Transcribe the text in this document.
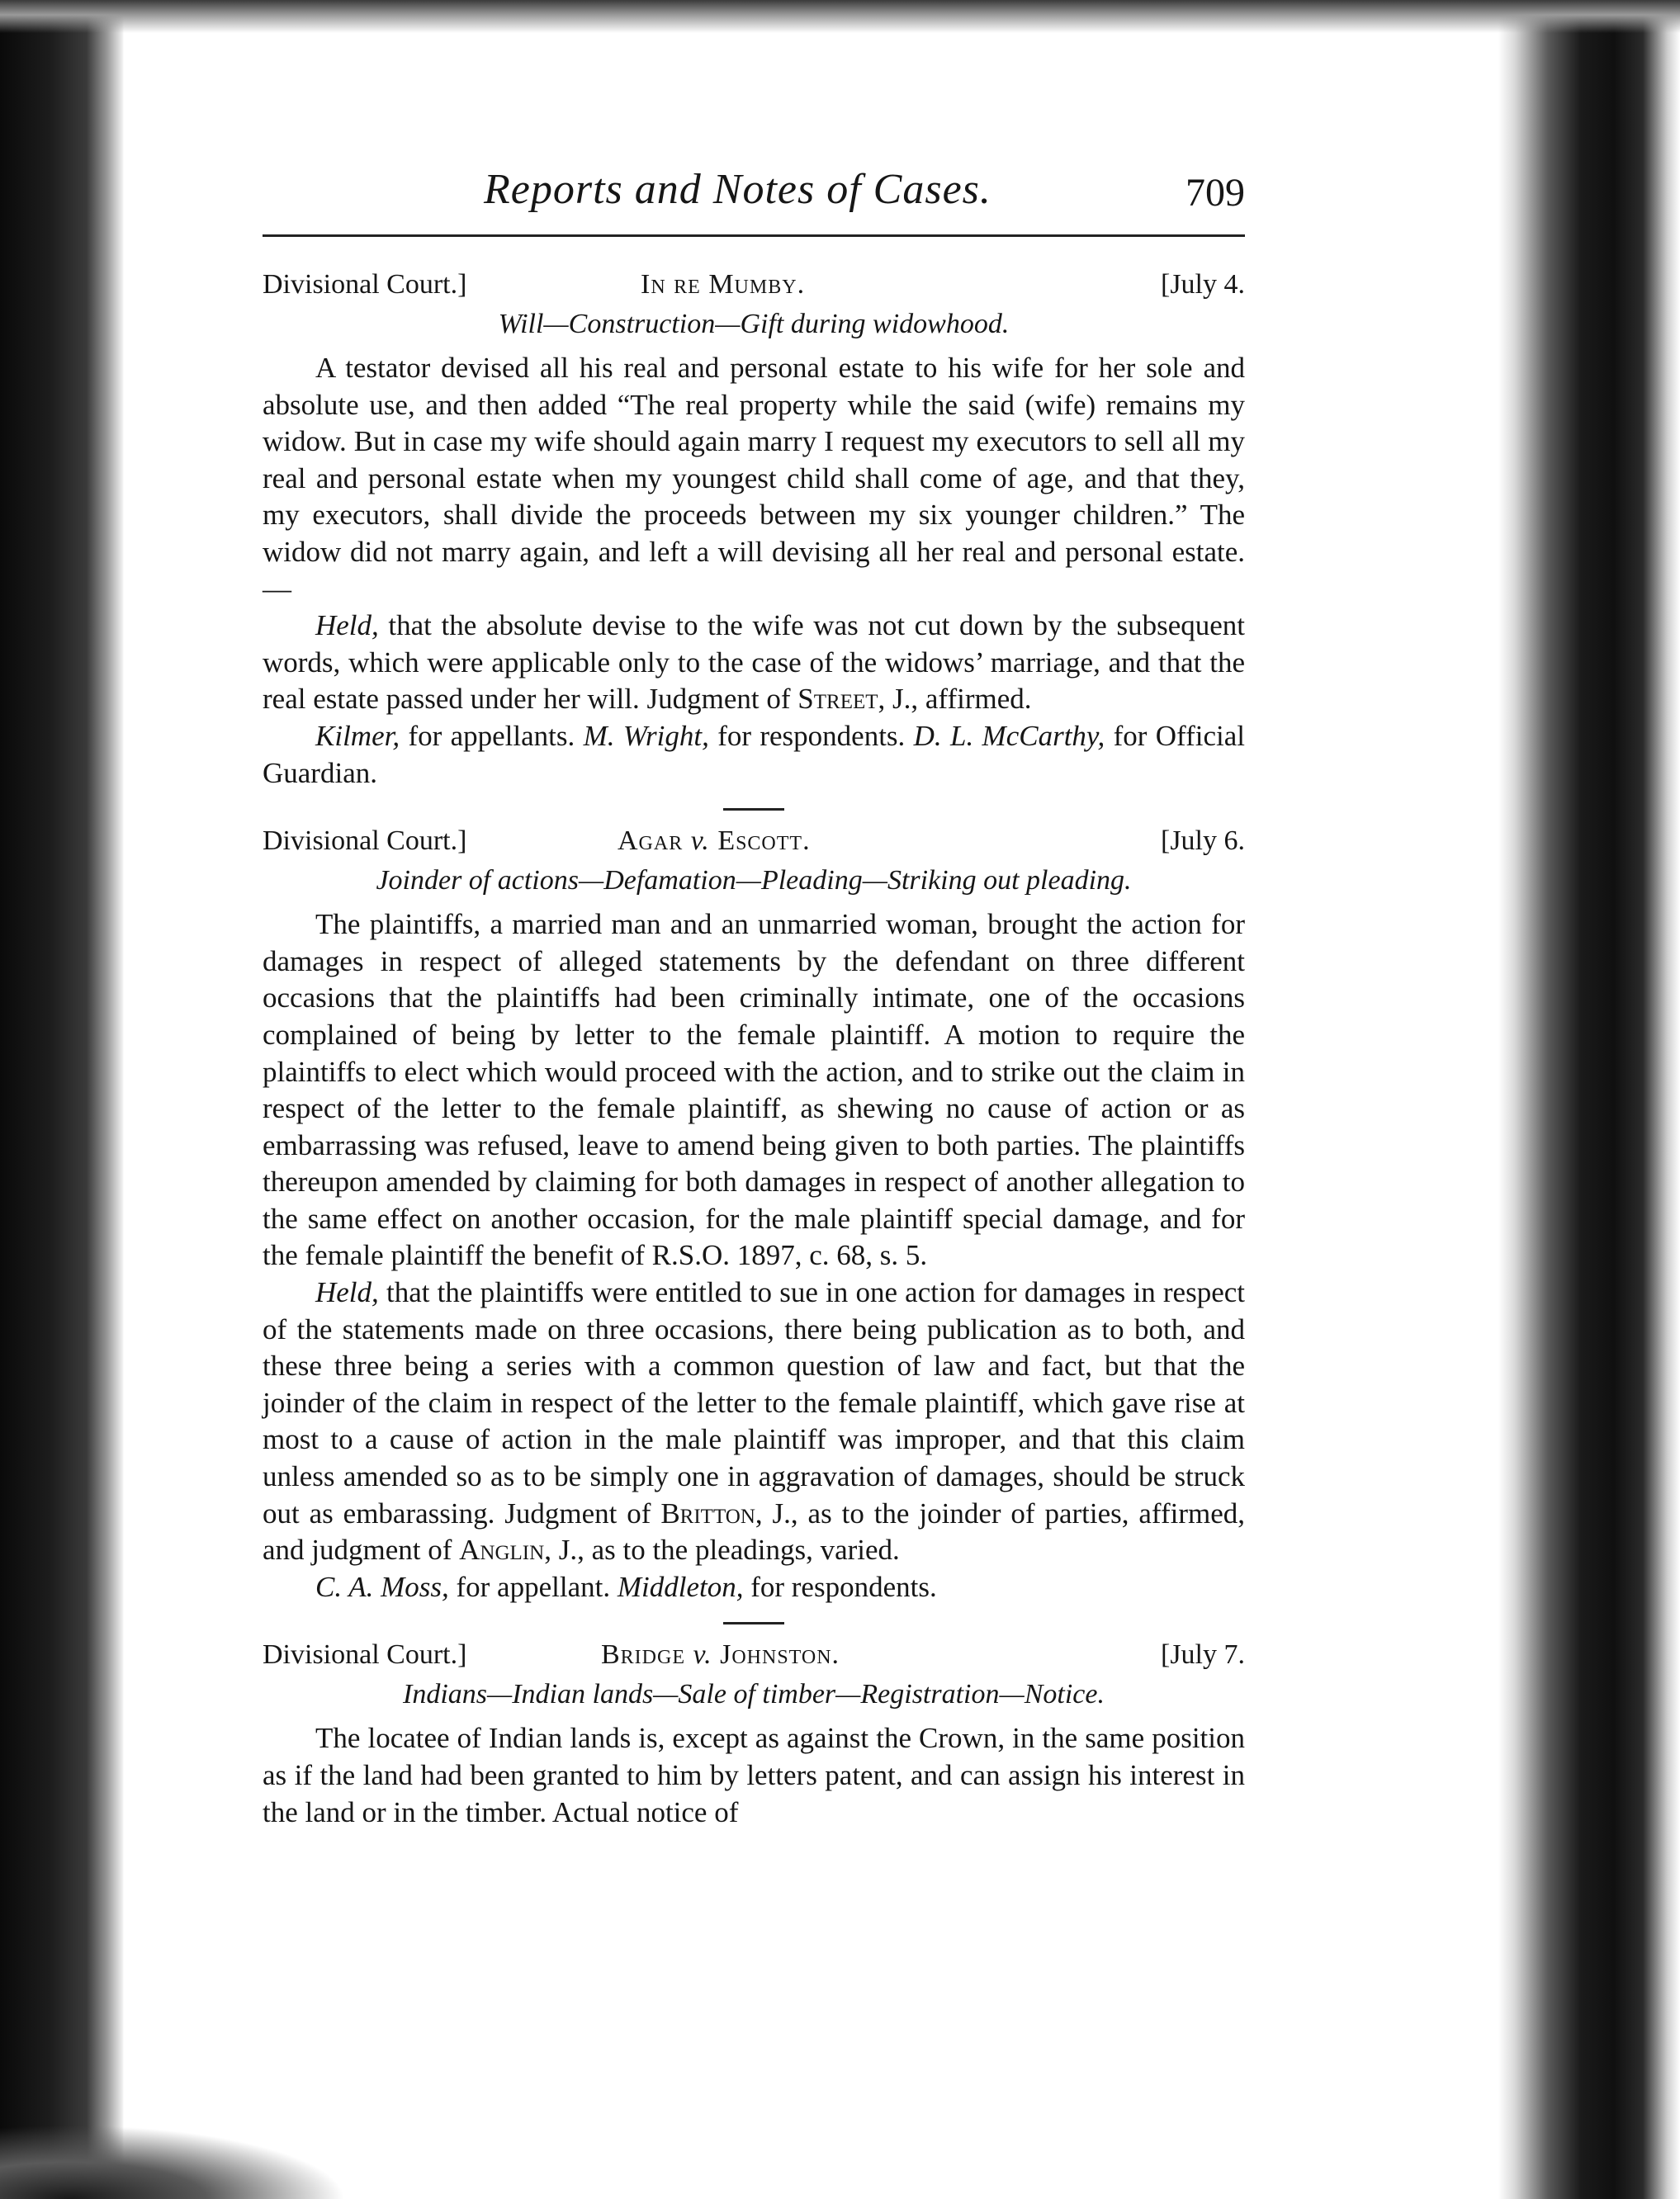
Reports and Notes of Cases.	709
Divisional Court.]	In re Mumby.	[July 4.
Will—Construction—Gift during widowhood.

A testator devised all his real and personal estate to his wife for her sole and absolute use, and then added “The real property while the said (wife) remains my widow. But in case my wife should again marry I request my executors to sell all my real and personal estate when my youngest child shall come of age, and that they, my executors, shall divide the proceeds between my six younger children.” The widow did not marry again, and left a will devising all her real and personal estate.—

Held, that the absolute devise to the wife was not cut down by the subsequent words, which were applicable only to the case of the widows’ marriage, and that the real estate passed under her will. Judgment of Street, J., affirmed.

Kilmer, for appellants. M. Wright, for respondents. D. L. McCarthy, for Official Guardian.

Divisional Court.]	Agar v. Escott.	[July 6.
Joinder of actions—Defamation—Pleading—Striking out pleading.

The plaintiffs, a married man and an unmarried woman, brought the action for damages in respect of alleged statements by the defendant on three different occasions that the plaintiffs had been criminally intimate, one of the occasions complained of being by letter to the female plaintiff. A motion to require the plaintiffs to elect which would proceed with the action, and to strike out the claim in respect of the letter to the female plaintiff, as shewing no cause of action or as embarrassing was refused, leave to amend being given to both parties. The plaintiffs thereupon amended by claiming for both damages in respect of another allegation to the same effect on another occasion, for the male plaintiff special damage, and for the female plaintiff the benefit of R.S.O. 1897, c. 68, s. 5.

Held, that the plaintiffs were entitled to sue in one action for damages in respect of the statements made on three occasions, there being publication as to both, and these three being a series with a common question of law and fact, but that the joinder of the claim in respect of the letter to the female plaintiff, which gave rise at most to a cause of action in the male plaintiff was improper, and that this claim unless amended so as to be simply one in aggravation of damages, should be struck out as embarassing. Judgment of Britton, J., as to the joinder of parties, affirmed, and judgment of Anglin, J., as to the pleadings, varied.

C. A. Moss, for appellant. Middleton, for respondents.

Divisional Court.]	Bridge v. Johnston.	[July 7.
Indians—Indian lands—Sale of timber—Registration—Notice.

The locatee of Indian lands is, except as against the Crown, in the same position as if the land had been granted to him by letters patent, and can assign his interest in the land or in the timber. Actual notice of
